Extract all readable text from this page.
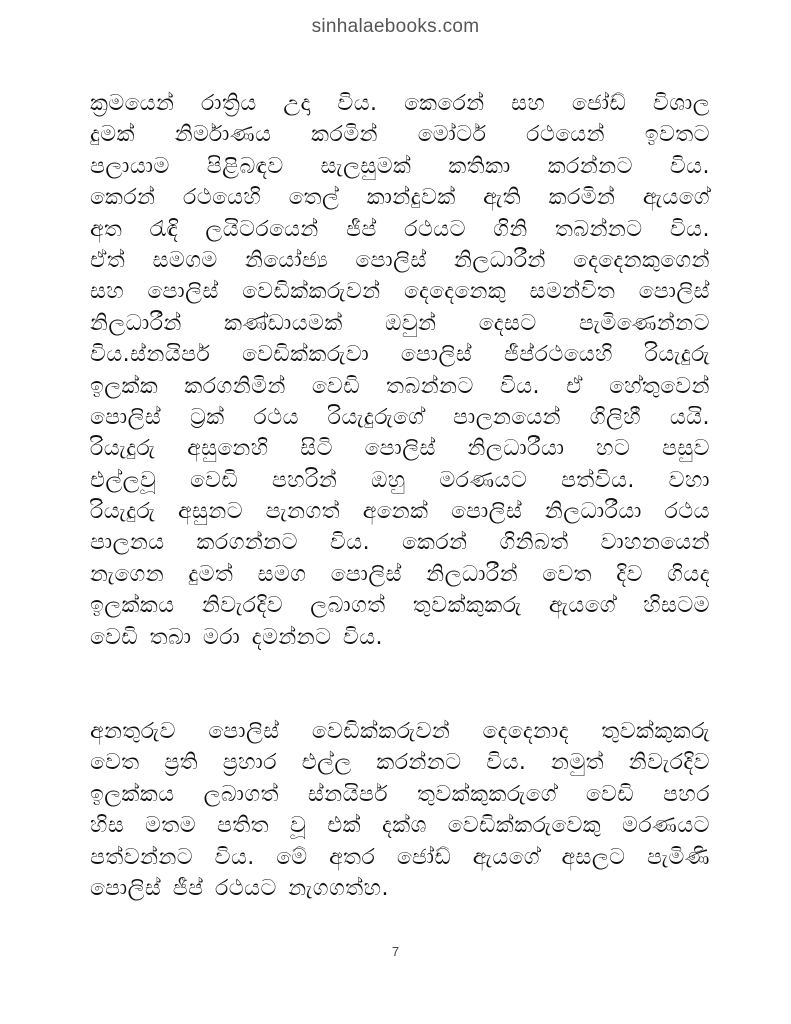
sinhalaebooks.com
ක්‍රමයෙන් රාත්‍රිය උදා විය. කෙරෙන් සහ ජෝඩ් විශාල
දුමක් නිර්මාණය කරමින් මෝටර් රථයෙන් ඉවතට
පලායාම පිළිබඳව සැලසුමක් කතිකා කරන්නට විය.
කෙරන් රථයෙහි තෙල් කාන්දුවක් ඇති කරමින් ඇයගේ
අත රැඳි ලයිටරයෙන් ජීප් රථයට ගිනි තබන්නට විය.
ඒත් සමගම නියෝජ්‍ය පොලිස් නිලධාරීන් දෙදෙනකුගෙන්
සහ පොලිස් වෙඩික්කරුවන් දෙදෙනෙකු සමන්විත පොලිස්
නිලධාරීන් කණ්ඩායමක් ඔවුන් දෙසට පැමිණෙන්නට
විය.ස්නයිපර් වෙඩික්කරුවා පොලිස් ජීප්රථයෙහි රියැදුරු
ඉලක්ක කරගනිමින් වෙඩි තබන්නට විය. ඒ හේතුවෙන්
පොලිස් ට්‍රක් රථය රියැදුරුගේ පාලනයෙන් ගිලිහී යයි.
රියැදුරු අසුනෙහි සිටි පොලිස් නිලධාරීයා හට පසුව
එල්ලවූ වෙඩි පහරින් ඔහු මරණයට පත්විය. වහා
රියැදුරු අසුනට පැනගත් අනෙක් පොලිස් නිලධාරීයා රථය
පාලනය කරගන්නට විය. කෙරන් ගිනිබත් වාහනයෙන්
නැගෙන දුමත් සමග පොලිස් නිලධාරීන් වෙත දිව ගියද
ඉලක්කය නිවැරදිව ලබාගත් තුවක්කුකරු ඇයගේ හිසටම
වෙඩි තබා මරා දමන්නට විය.
අනතුරුව පොලිස් වෙඩික්කරුවන් දෙදෙනාද තුවක්කුකරු
වෙත ප්‍රති ප්‍රහාර එල්ල කරන්නට විය. නමුත් නිවැරදිව
ඉලක්කය ලබාගත් ස්නයිපර් තුවක්කුකරුගේ වෙඩි පහර
හිස මතම පතිත වූ එක් දක්ශ වෙඩික්කරුවෙකු මරණයට
පත්වන්නට විය. මේ අතර ජෝඩ් ඇයගේ අසලට පැමිණි
පොලිස් ජීප් රථයට නැගගත්හ.
7
